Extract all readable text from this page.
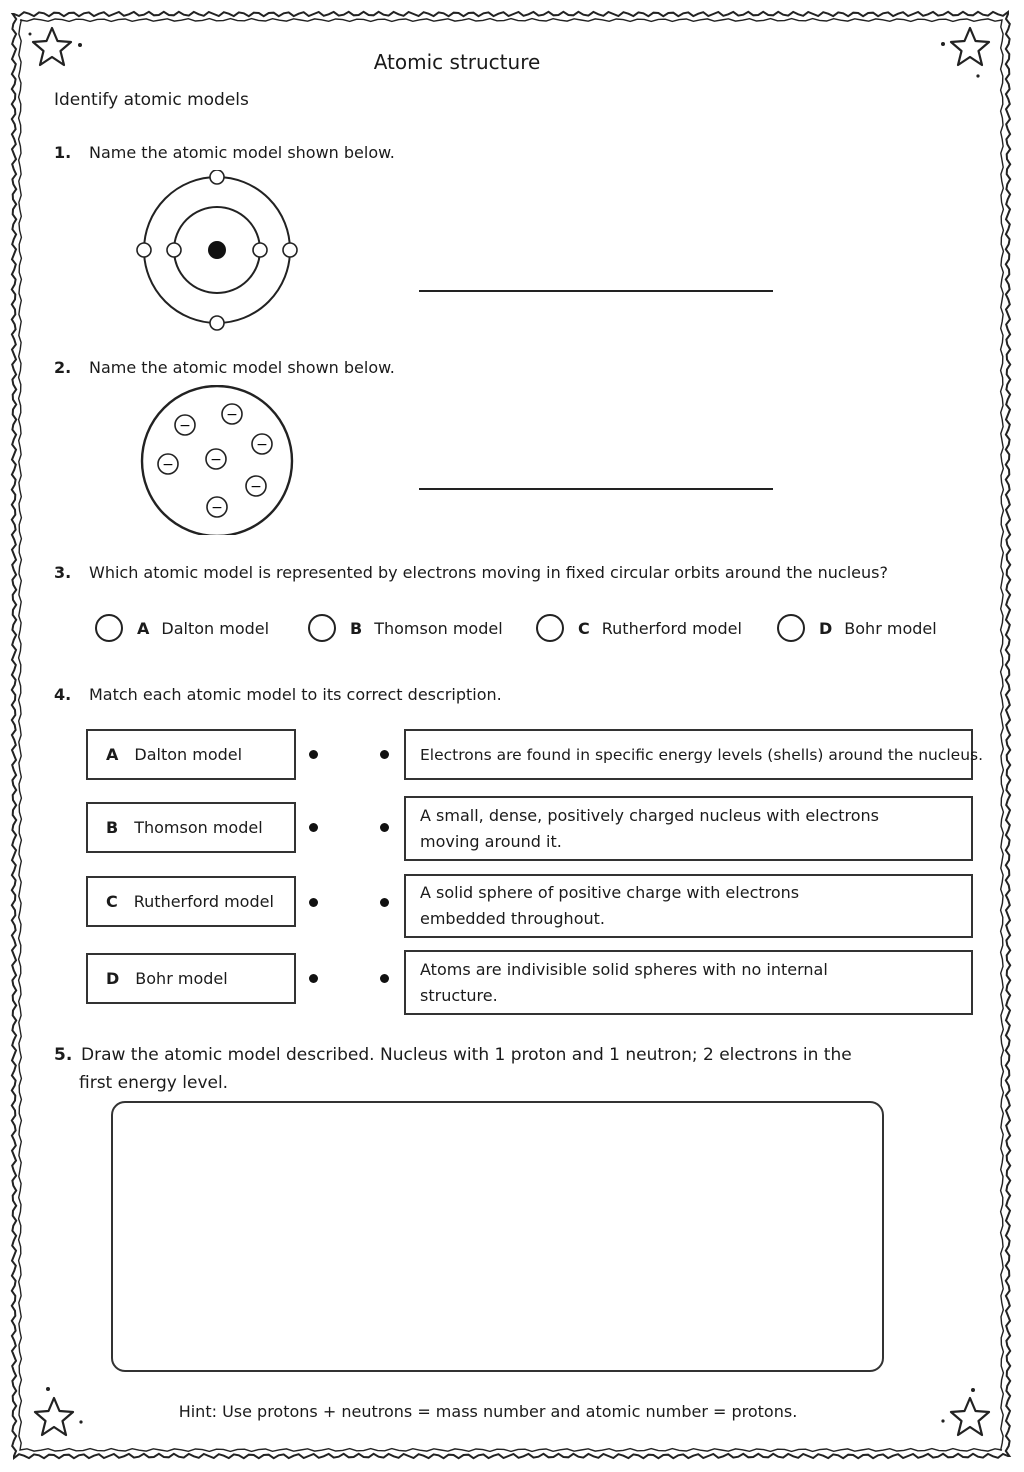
Atomic structure
Identify atomic models
1. Name the atomic model shown below.
2. Name the atomic model shown below.
−
−
−
−	−
−
−
3. Which atomic model is represented by electrons moving in fixed circular orbits around the nucleus?
A Dalton model	B Thomson model	C Rutherford model	D Bohr model
4. Match each atomic model to its correct description.
A Dalton model
B Thomson model
C Rutherford model
D Bohr model
Electrons are found in specific energy levels (shells) around the nucleus.
A small, dense, positively charged nucleus with electrons moving around it.
A solid sphere of positive charge with electrons embedded throughout.
Atoms are indivisible solid spheres with no internal structure.
5. Draw the atomic model described. Nucleus with 1 proton and 1 neutron; 2 electrons in the
first energy level.
Hint: Use protons + neutrons = mass number and atomic number = protons.
